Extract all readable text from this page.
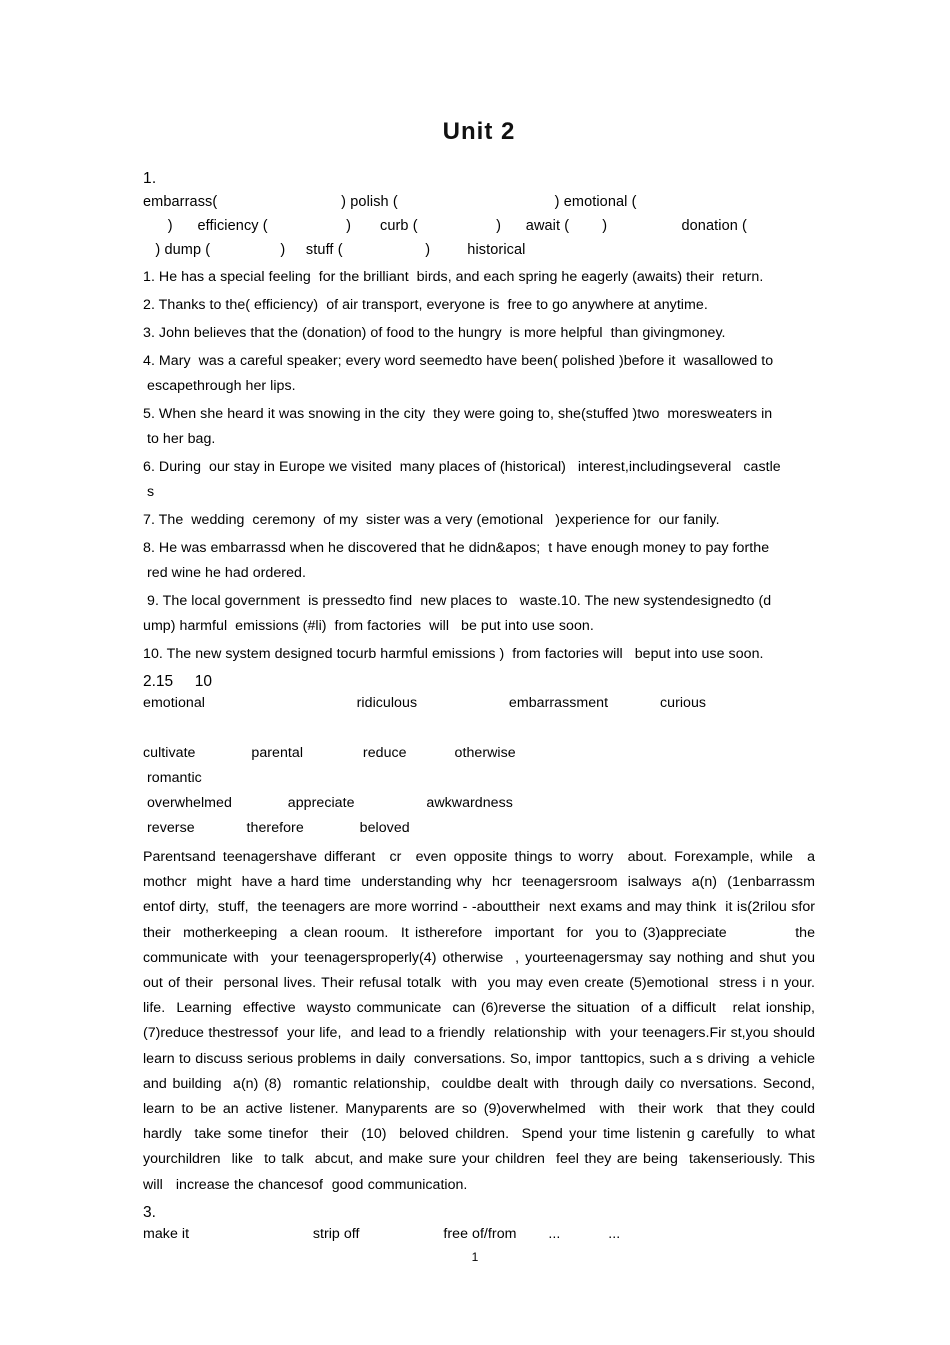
Unit 2
1.
embarrass(                              ) polish (                                      ) emotional (
)      efficiency (                   )       curb (                   )      await (        )                  donation (
) dump (                 )     stuff (                    )         historical
1. He has a special feeling  for the brilliant  birds, and each spring he eagerly (awaits) their  return.
2. Thanks to the( efficiency)  of air transport, everyone is  free to go anywhere at anytime.
3. John believes that the (donation) of food to the hungry  is more helpful  than givingmoney.
4. Mary  was a careful speaker; every word seemedto have been( polished )before it  wasallowed to
escapethrough her lips.
5. When she heard it was snowing in the city  they were going to, she(stuffed )two  moresweaters in
to her bag.
6. During  our stay in Europe we visited  many places of (historical)   interest,includingseveral   castle
s
7. The  wedding  ceremony  of my  sister was a very (emotional   )experience for  our fanily.
8. He was embarrassd when he discovered that he didn&apos;  t have enough money to pay forthe
red wine he had ordered.
9. The local government  is pressedto find  new places to   waste.10. The new systendesignedto (d
ump) harmful  emissions (#li)  from factories  will   be put into use soon.
10. The new system designed tocurb harmful emissions )  from factories will   beput into use soon.
2.15     10
emotional                                      ridiculous                       embarrassment             curious
cultivate              parental               reduce            otherwise
romantic
overwhelmed              appreciate                  awkwardness
reverse             therefore              beloved
Parentsand teenagershave differant  cr  even opposite things to worry  about. Forexample, while  a mothcr  might  have a hard time  understanding why  hcr  teenagersroom  isalways  a(n)  (1enbarrassm entof dirty,  stuff,  the teenagers are more worrind - -abouttheir  next exams and may think  it is(2rilou sfor their  motherkeeping  a clean rooum.  It istherefore  important  for  you to (3)appreciate           the communicate with  your teenagersproperly(4) otherwise  , yourteenagersmay say nothing and shut you out of their  personal lives. Their refusal totalk  with  you may even create (5)emotional  stress i n your. life.  Learning  effective  waysto communicate  can (6)reverse the situation  of a difficult   relat ionship, (7)reduce thestressof  your life,  and lead to a friendly  relationship  with  your teenagers.Fir st,you should  learn to discuss serious problems in daily  conversations. So, impor  tanttopics, such a s driving  a vehicle and building  a(n) (8)  romantic relationship,  couldbe dealt with  through daily co nversations. Second, learn to be an active listener. Manyparents are so (9)overwhelmed  with  their work  that they could  hardly  take some tinefor  their  (10)  beloved children.  Spend your time listenin g carefully  to what yourchildren  like  to talk  abcut, and make sure your children  feel they are being  takenseriously. This will   increase the chancesof  good communication.
3.
make it                               strip off                     free of/from        ...            ...
1
